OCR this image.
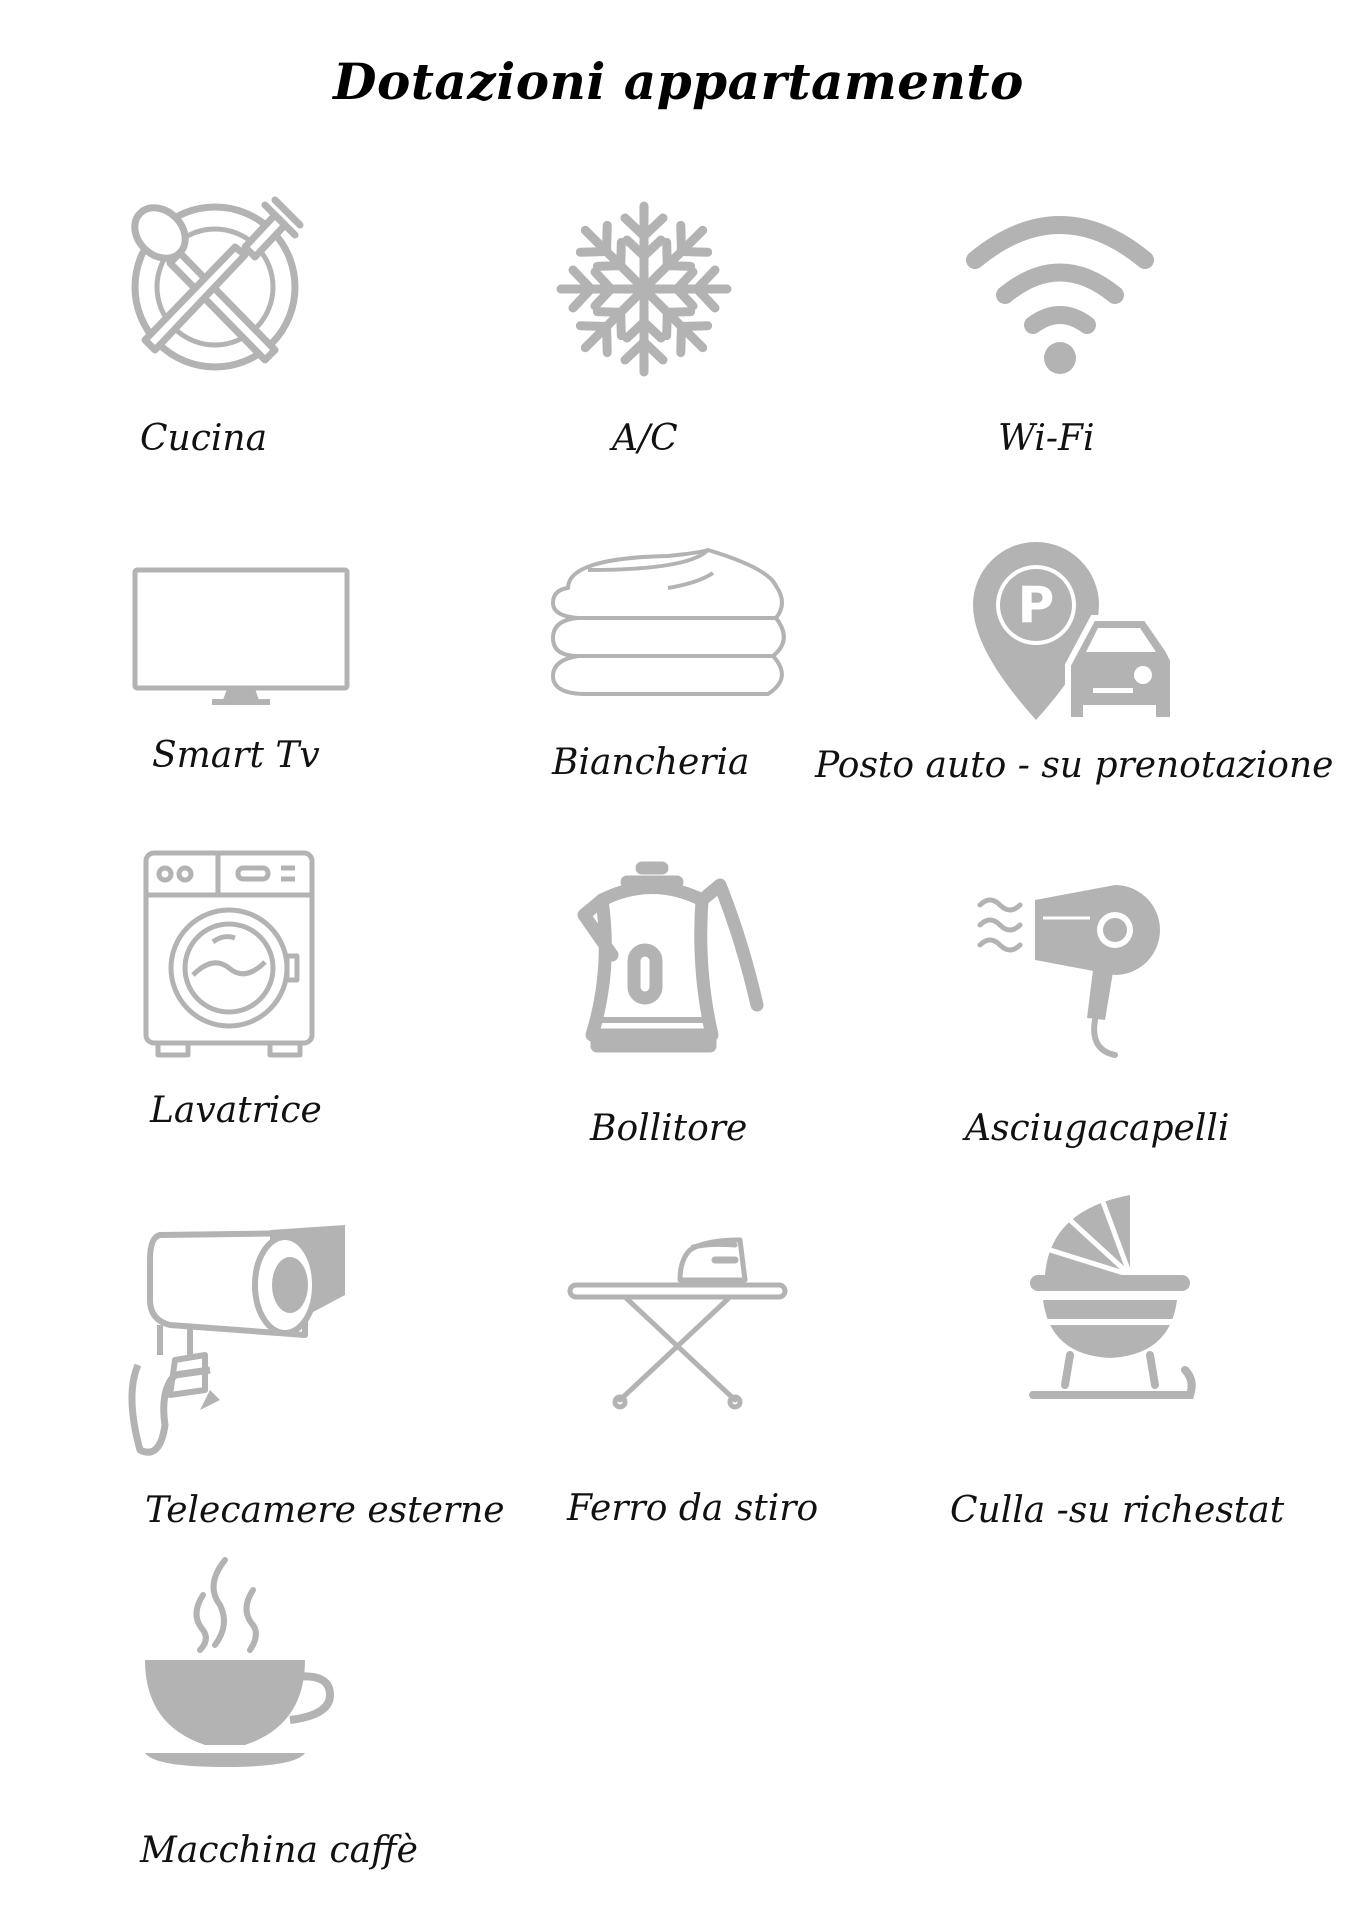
Dotazioni appartamento
Cucina	A/C	Wi-Fi
Smart Tv	Biancheria
P
Posto auto - su prenotazione
Lavatrice	Bollitore	Asciugacapelli
Telecamere esterne Ferro da stiro	Culla -su richestat
Macchina caffè
